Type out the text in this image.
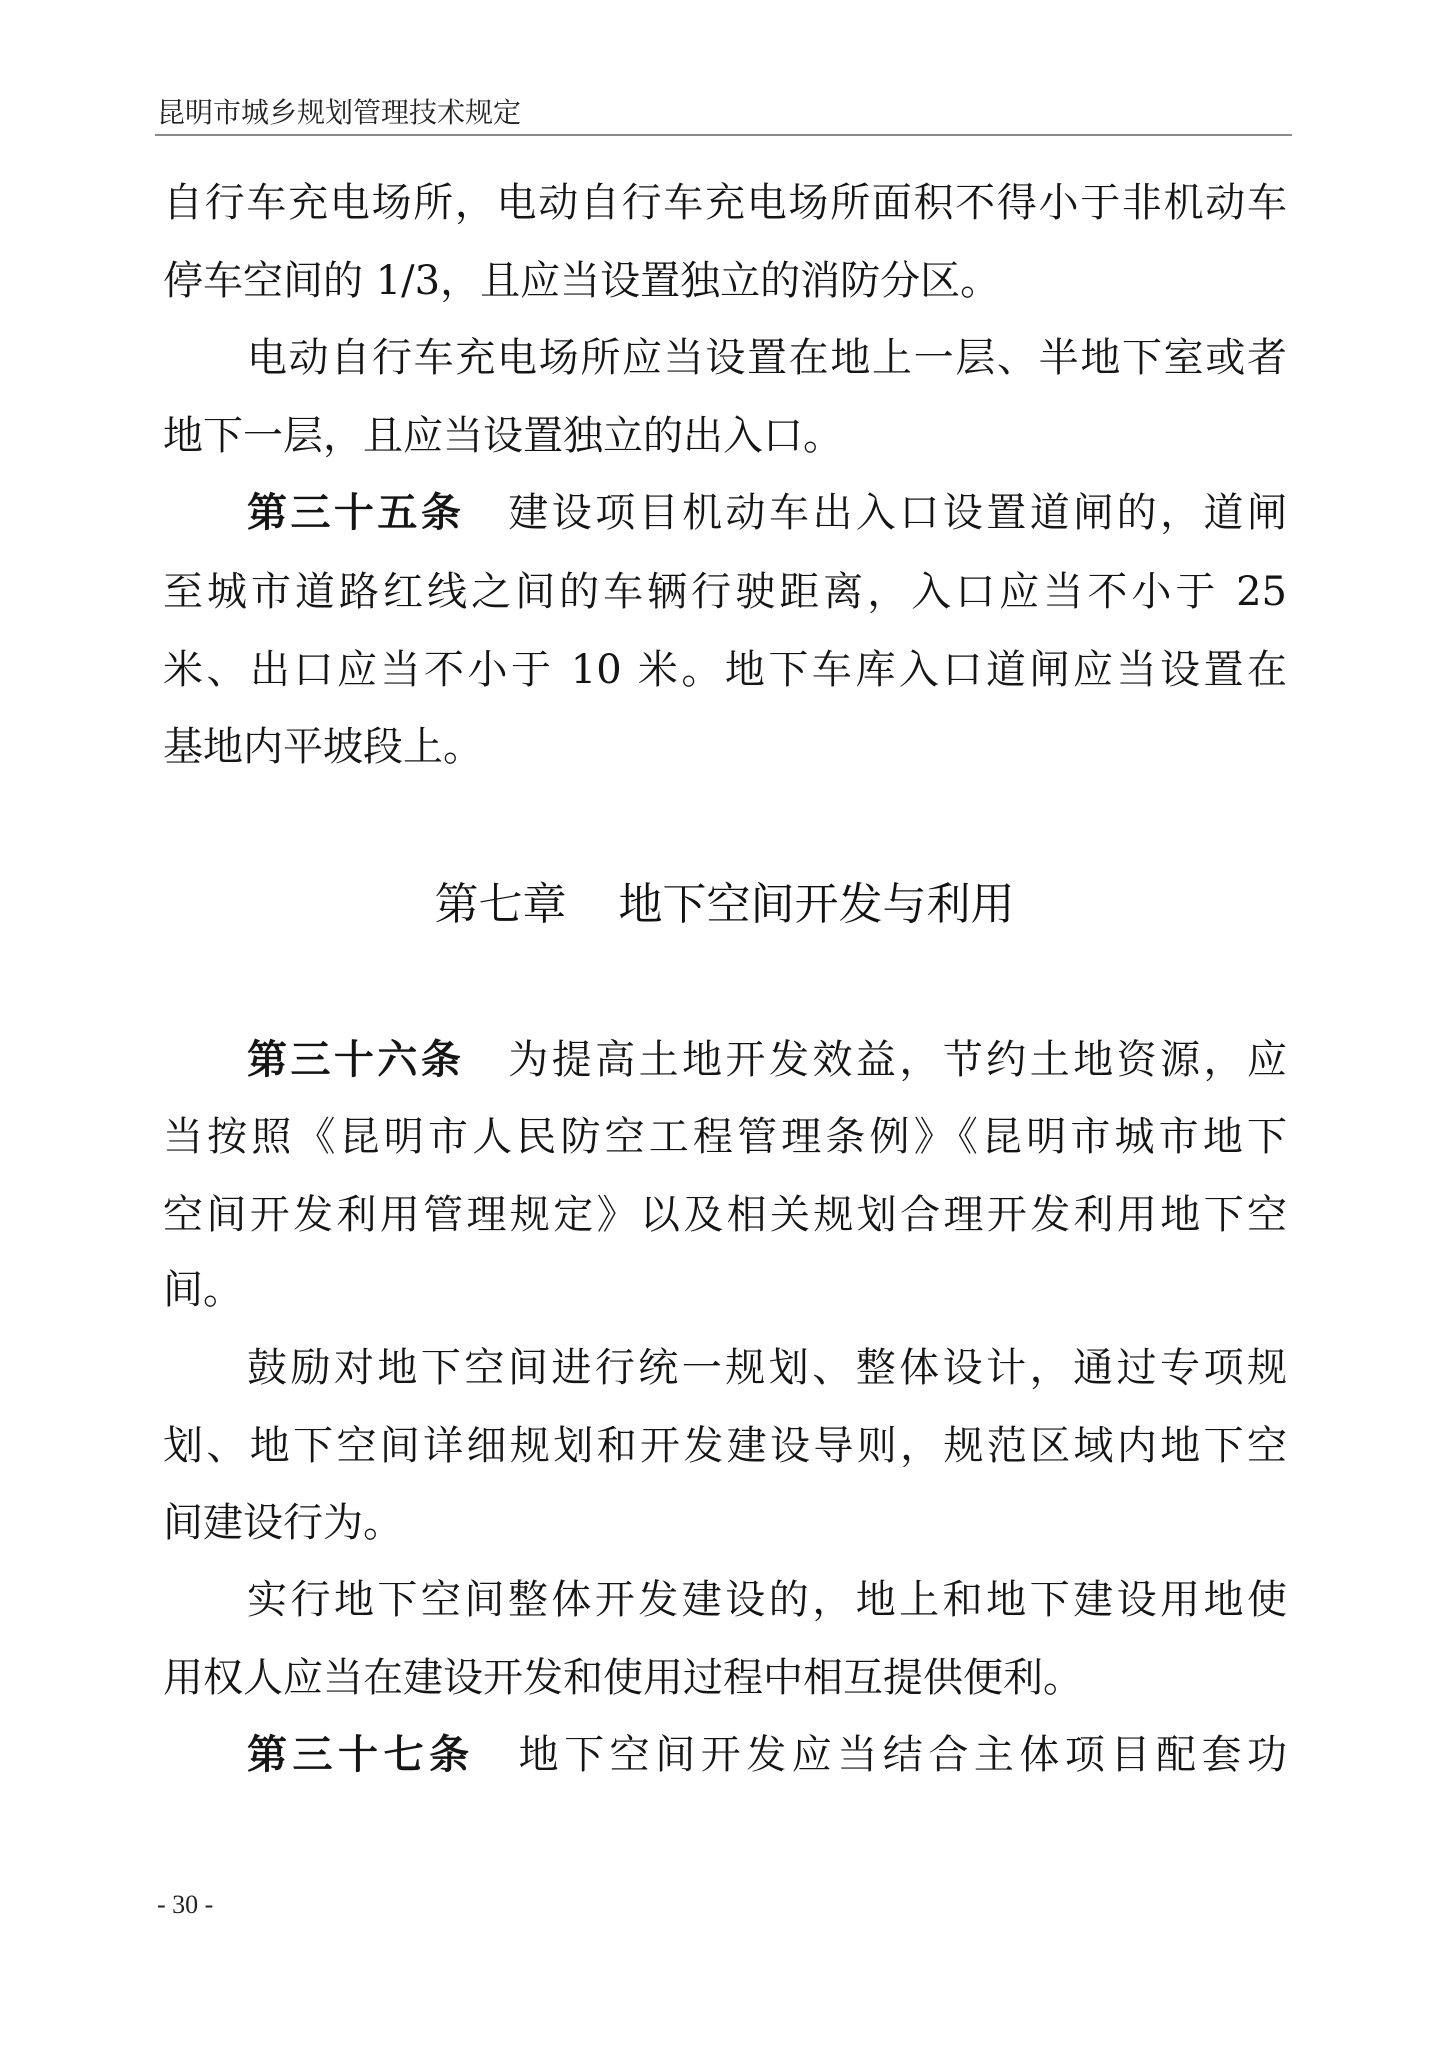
昆明市城乡规划管理技术规定
自行车充电场所，电动自行车充电场所面积不得小于非机动车
停车空间的 1/3，且应当设置独立的消防分区。
电动自行车充电场所应当设置在地上一层、半地下室或者
地下一层，且应当设置独立的出入口。
第三十五条 建设项目机动车出入口设置道闸的，道闸
至城市道路红线之间的车辆行驶距离，入口应当不小于 25
米、出口应当不小于 10 米。地下车库入口道闸应当设置在
基地内平坡段上。
第七章 地下空间开发与利用
第三十六条 为提高土地开发效益，节约土地资源，应
当按照《昆明市人民防空工程管理条例》《昆明市城市地下
空间开发利用管理规定》以及相关规划合理开发利用地下空
间。
鼓励对地下空间进行统一规划、整体设计，通过专项规
划、地下空间详细规划和开发建设导则，规范区域内地下空
间建设行为。
实行地下空间整体开发建设的，地上和地下建设用地使
用权人应当在建设开发和使用过程中相互提供便利。
第三十七条 地下空间开发应当结合主体项目配套功
- 30 -
